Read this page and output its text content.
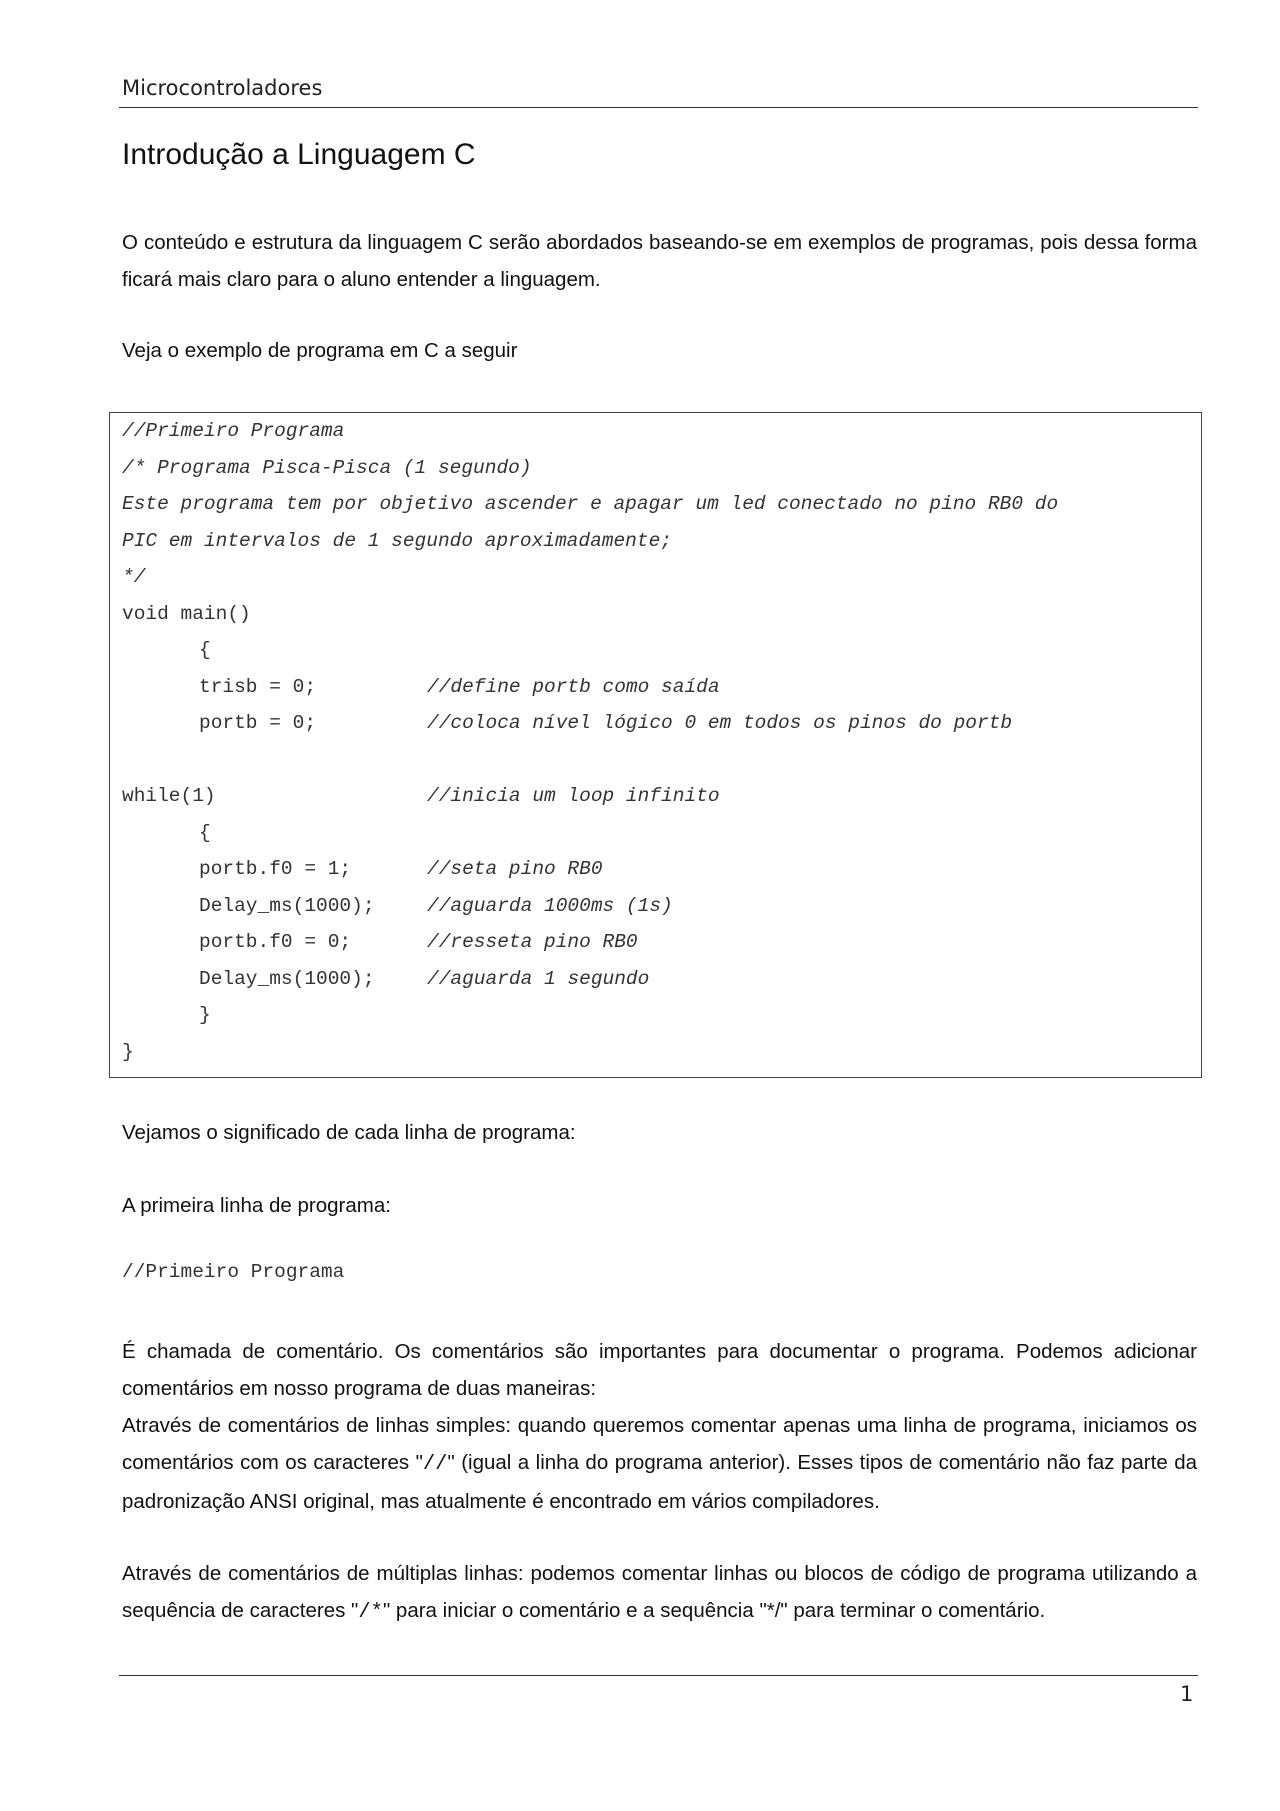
Microcontroladores
Introdução a Linguagem C

O conteúdo e estrutura da linguagem C serão abordados baseando-se em exemplos de programas, pois dessa forma ficará mais claro para o aluno entender a linguagem.

Veja o exemplo de programa em C a seguir

//Primeiro Programa
/* Programa Pisca-Pisca (1 segundo)
Este programa tem por objetivo ascender e apagar um led conectado no pino RB0 do
PIC em intervalos de 1 segundo aproximadamente;
*/
void main()
{
trisb = 0;	//define portb como saída
portb = 0;	//coloca nível lógico 0 em todos os pinos do portb
while(1)	//inicia um loop infinito
{
portb.f0 = 1;	//seta pino RB0
Delay_ms(1000);	//aguarda 1000ms (1s)
portb.f0 = 0;	//resseta pino RB0
Delay_ms(1000);	//aguarda 1 segundo
}
}

Vejamos o significado de cada linha de programa:

A primeira linha de programa:

//Primeiro Programa

É chamada de comentário. Os comentários são importantes para documentar o programa. Podemos adicionar comentários em nosso programa de duas maneiras:

Através de comentários de linhas simples: quando queremos comentar apenas uma linha de programa, iniciamos os comentários com os caracteres "//" (igual a linha do programa anterior). Esses tipos de comentário não faz parte da padronização ANSI original, mas atualmente é encontrado em vários compiladores.

Através de comentários de múltiplas linhas: podemos comentar linhas ou blocos de código de programa utilizando a sequência de caracteres "/*" para iniciar o comentário e a sequência "*/" para terminar o comentário.

1
